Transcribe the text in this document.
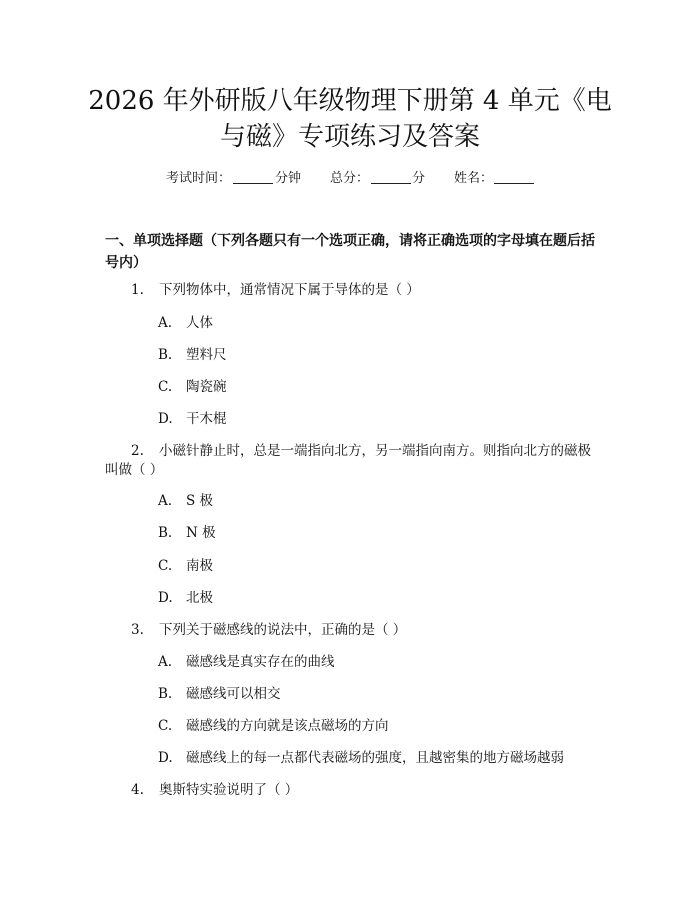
2026 年外研版八年级物理下册第 4 单元《电
与磁》专项练习及答案
考试时间：	分钟 总分：	分 姓名：
一、单项选择题（下列各题只有一个选项正确，请将正确选项的字母填在题后括
号内）
1. 下列物体中，通常情况下属于导体的是（ ）
A. 人体
B. 塑料尺
C. 陶瓷碗
D. 干木棍
2. 小磁针静止时，总是一端指向北方，另一端指向南方。则指向北方的磁极
叫做（ ）
A. S 极
B. N 极
C. 南极
D. 北极
3. 下列关于磁感线的说法中，正确的是（ ）
A. 磁感线是真实存在的曲线
B. 磁感线可以相交
C. 磁感线的方向就是该点磁场的方向
D. 磁感线上的每一点都代表磁场的强度，且越密集的地方磁场越弱
4. 奥斯特实验说明了（ ）
